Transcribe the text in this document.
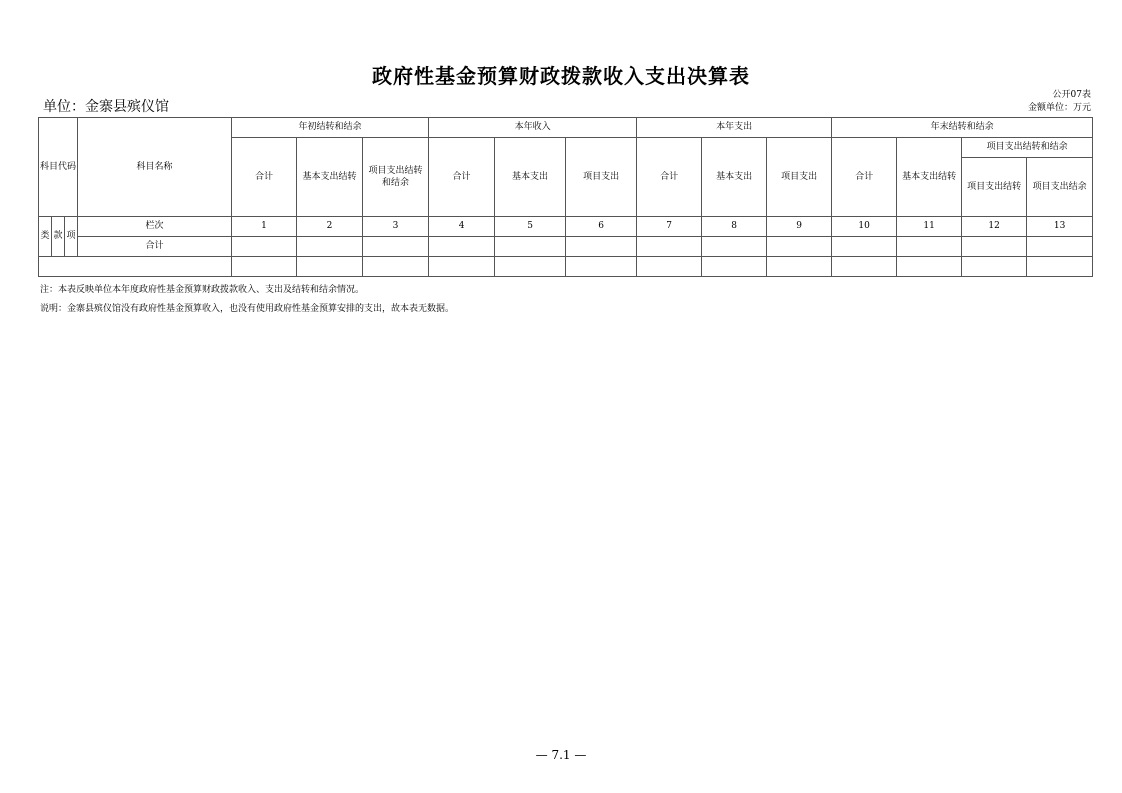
政府性基金预算财政拨款收入支出决算表
单位：金寨县殡仪馆
公开07表
金额单位：万元
科目代码			科目名称	年初结转和结余			本年收入			本年支出			年末结转和结余			
				合计	基本支出结转	项目支出结转和结余	合计	基本支出	项目支出	合计	基本支出	项目支出	合计	基本支出结转	项目支出结转和结余	
															项目支出结转	项目支出结余
类	款	项	栏次	1	2	3	4	5	6	7	8	9	10	11	12	13
			合计													

注：本表反映单位本年度政府性基金预算财政拨款收入、支出及结转和结余情况。
说明：金寨县殡仪馆没有政府性基金预算收入，也没有使用政府性基金预算安排的支出，故本表无数据。
— 7.1 —
